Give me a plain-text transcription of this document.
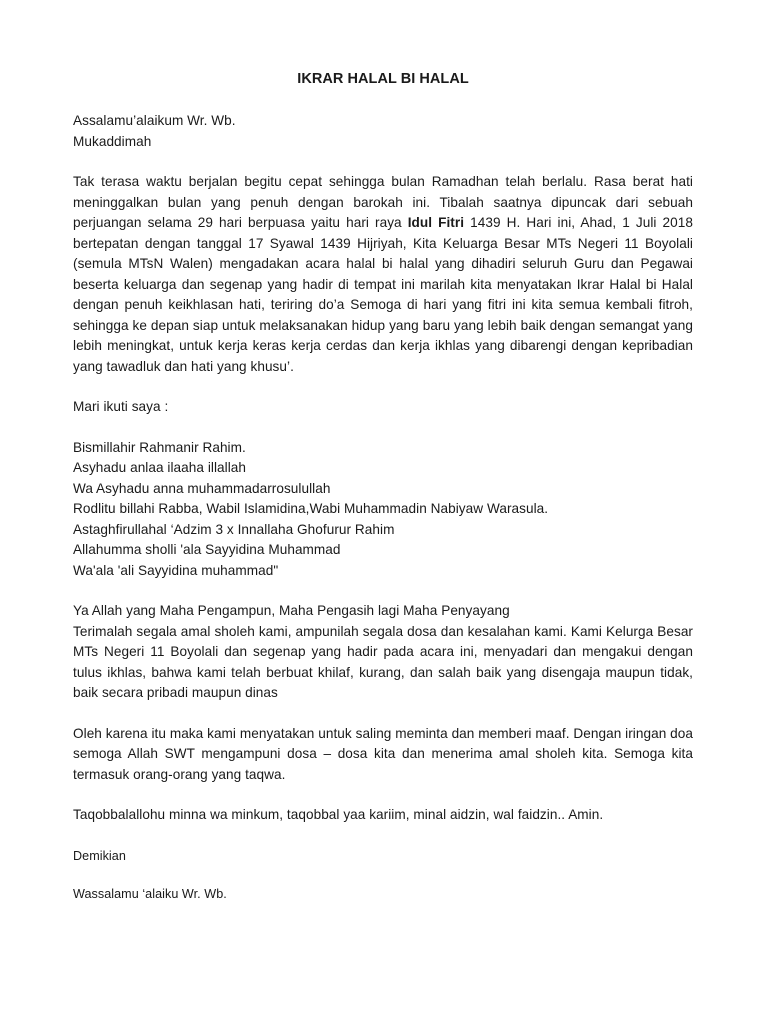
IKRAR HALAL BI HALAL

Assalamu’alaikum Wr. Wb.

Mukaddimah

Tak terasa waktu berjalan begitu cepat sehingga bulan Ramadhan telah berlalu. Rasa berat hati meninggalkan bulan yang penuh dengan barokah ini. Tibalah saatnya dipuncak dari sebuah perjuangan selama 29 hari berpuasa yaitu hari raya Idul Fitri 1439 H. Hari ini, Ahad, 1 Juli 2018 bertepatan dengan tanggal 17 Syawal 1439 Hijriyah, Kita Keluarga Besar MTs Negeri 11 Boyolali (semula MTsN Walen) mengadakan acara halal bi halal yang dihadiri seluruh Guru dan Pegawai beserta keluarga dan segenap yang hadir di tempat ini marilah kita menyatakan Ikrar Halal bi Halal dengan penuh keikhlasan hati, teriring do’a Semoga di hari yang fitri ini kita semua kembali fitroh, sehingga ke depan siap untuk melaksanakan hidup yang baru yang lebih baik dengan semangat yang lebih meningkat, untuk kerja keras kerja cerdas dan kerja ikhlas yang dibarengi dengan kepribadian yang tawadluk dan hati yang khusu’.

Mari ikuti saya :

Bismillahir Rahmanir Rahim.

Asyhadu anlaa ilaaha illallah

Wa Asyhadu anna muhammadarrosulullah

Rodlitu billahi Rabba, Wabil Islamidina,Wabi Muhammadin Nabiyaw Warasula.

Astaghfirullahal ‘Adzim 3 x Innallaha Ghofurur Rahim

Allahumma sholli 'ala Sayyidina Muhammad

Wa'ala 'ali Sayyidina muhammad"

Ya Allah yang Maha Pengampun, Maha Pengasih lagi Maha Penyayang

Terimalah segala amal sholeh kami, ampunilah segala dosa dan kesalahan kami. Kami Kelurga Besar MTs Negeri 11 Boyolali dan segenap yang hadir pada acara ini, menyadari dan mengakui dengan tulus ikhlas, bahwa kami telah berbuat khilaf, kurang, dan salah baik yang disengaja maupun tidak, baik secara pribadi maupun dinas

Oleh karena itu maka kami menyatakan untuk saling meminta dan memberi maaf. Dengan iringan doa semoga Allah SWT mengampuni dosa – dosa kita dan menerima amal sholeh kita. Semoga kita termasuk orang-orang yang taqwa.

Taqobbalallohu minna wa minkum, taqobbal yaa kariim, minal aidzin, wal faidzin.. Amin.

Demikian

Wassalamu ‘alaiku Wr. Wb.
